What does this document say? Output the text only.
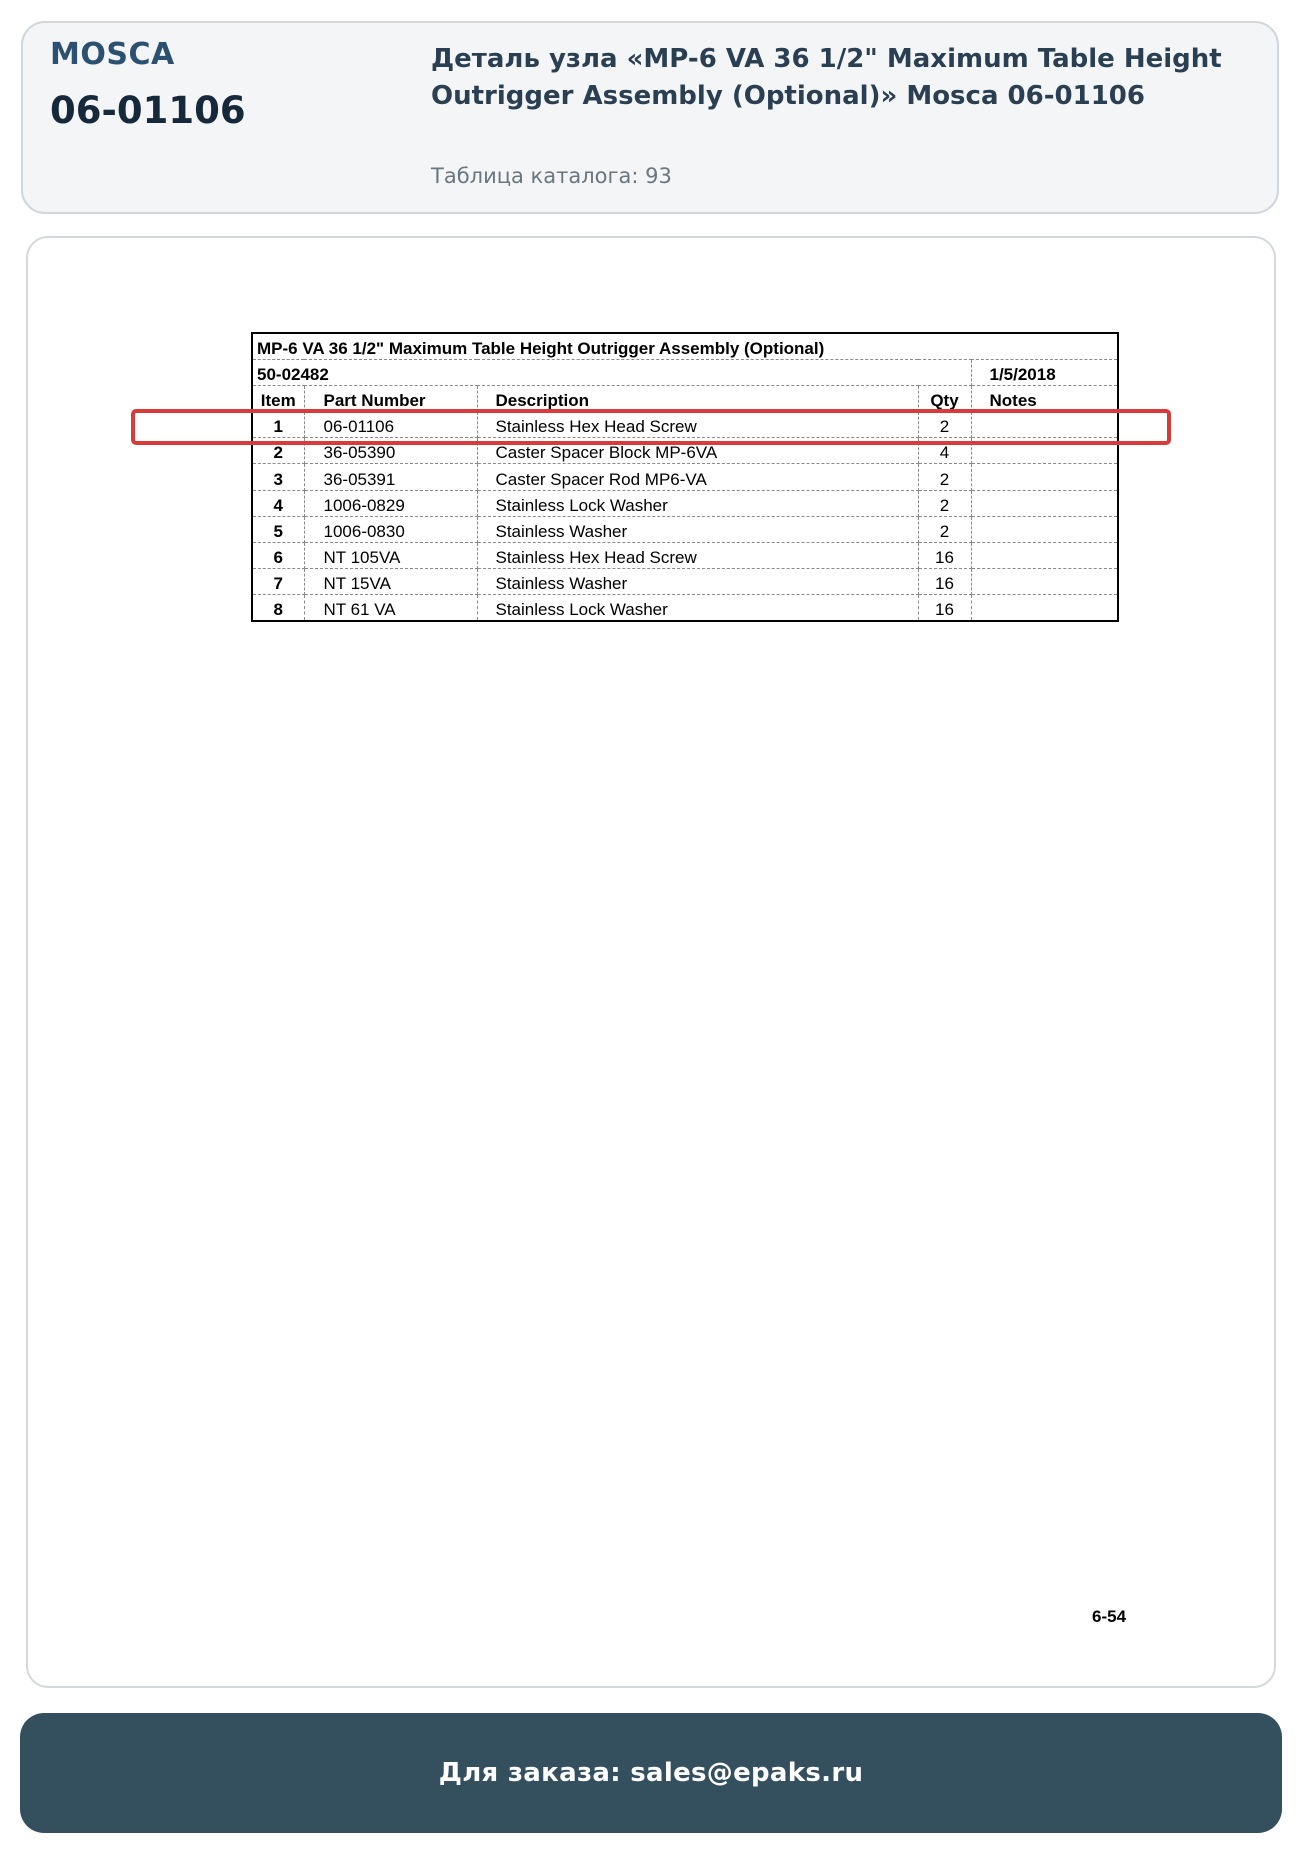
MOSCA
06-01106
Деталь узла «MP-6 VA 36 1/2" Maximum Table Height Outrigger Assembly (Optional)» Mosca 06-01106
Таблица каталога: 93
MP-6 VA 36 1/2" Maximum Table Height Outrigger Assembly (Optional)				
50-02482				1/5/2018
Item	Part Number	Description	Qty	Notes
1	06-01106	Stainless Hex Head Screw	2	
2	36-05390	Caster Spacer Block MP-6VA	4	
3	36-05391	Caster Spacer Rod MP6-VA	2	
4	1006-0829	Stainless Lock Washer	2	
5	1006-0830	Stainless Washer	2	
6	NT 105VA	Stainless Hex Head Screw	16	
7	NT 15VA	Stainless Washer	16	
8	NT 61 VA	Stainless Lock Washer	16	
6-54
Для заказа: sales@epaks.ru
